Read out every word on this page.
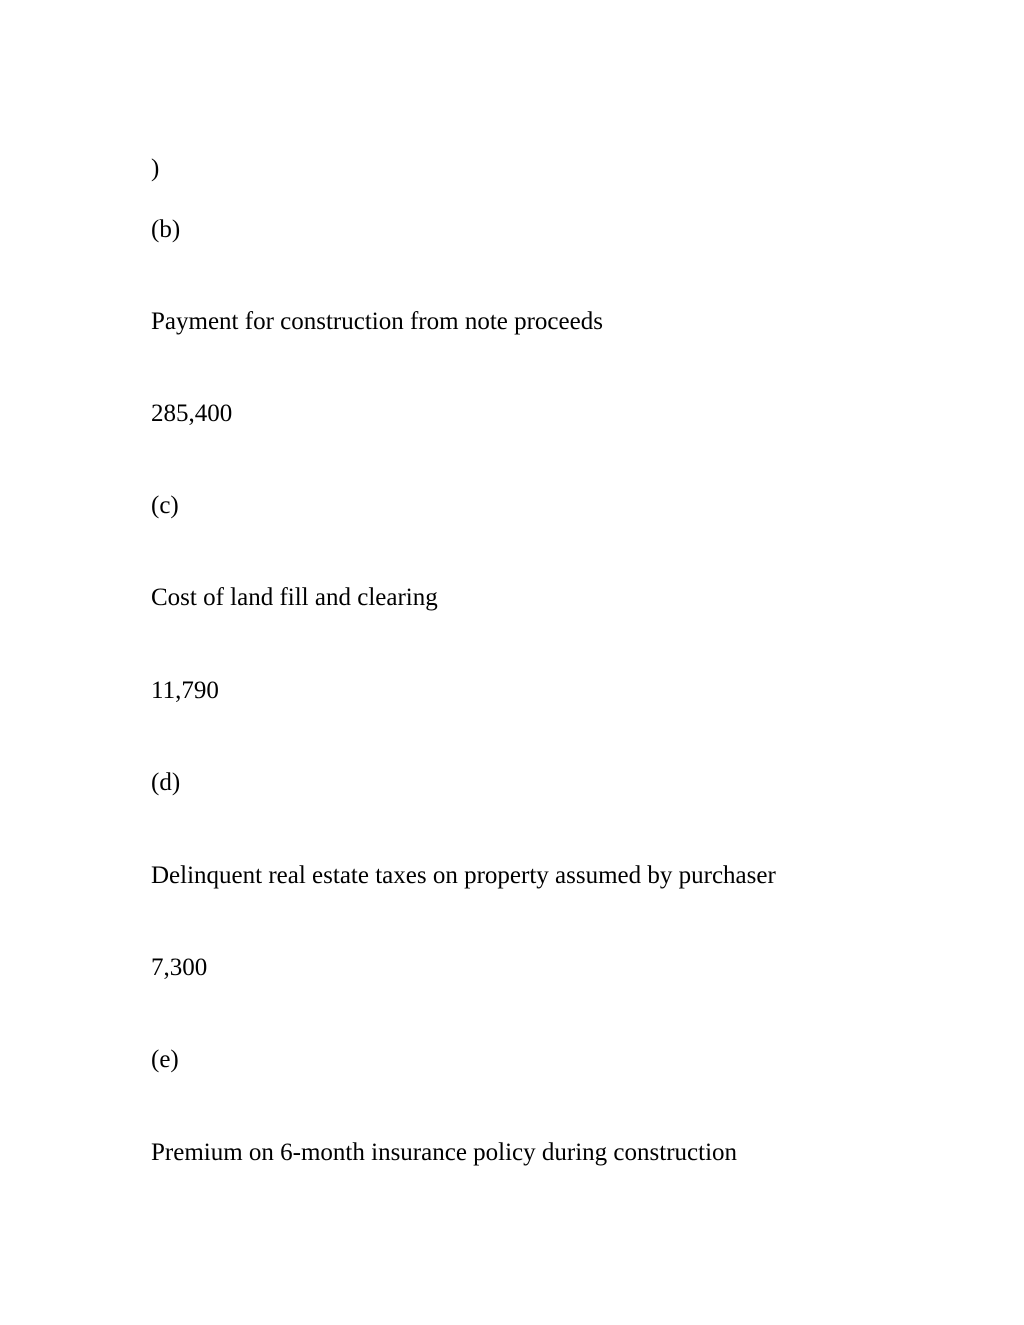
)

(b)

Payment for construction from note proceeds

285,400

(c)

Cost of land fill and clearing

11,790

(d)

Delinquent real estate taxes on property assumed by purchaser

7,300

(e)

Premium on 6-month insurance policy during construction
